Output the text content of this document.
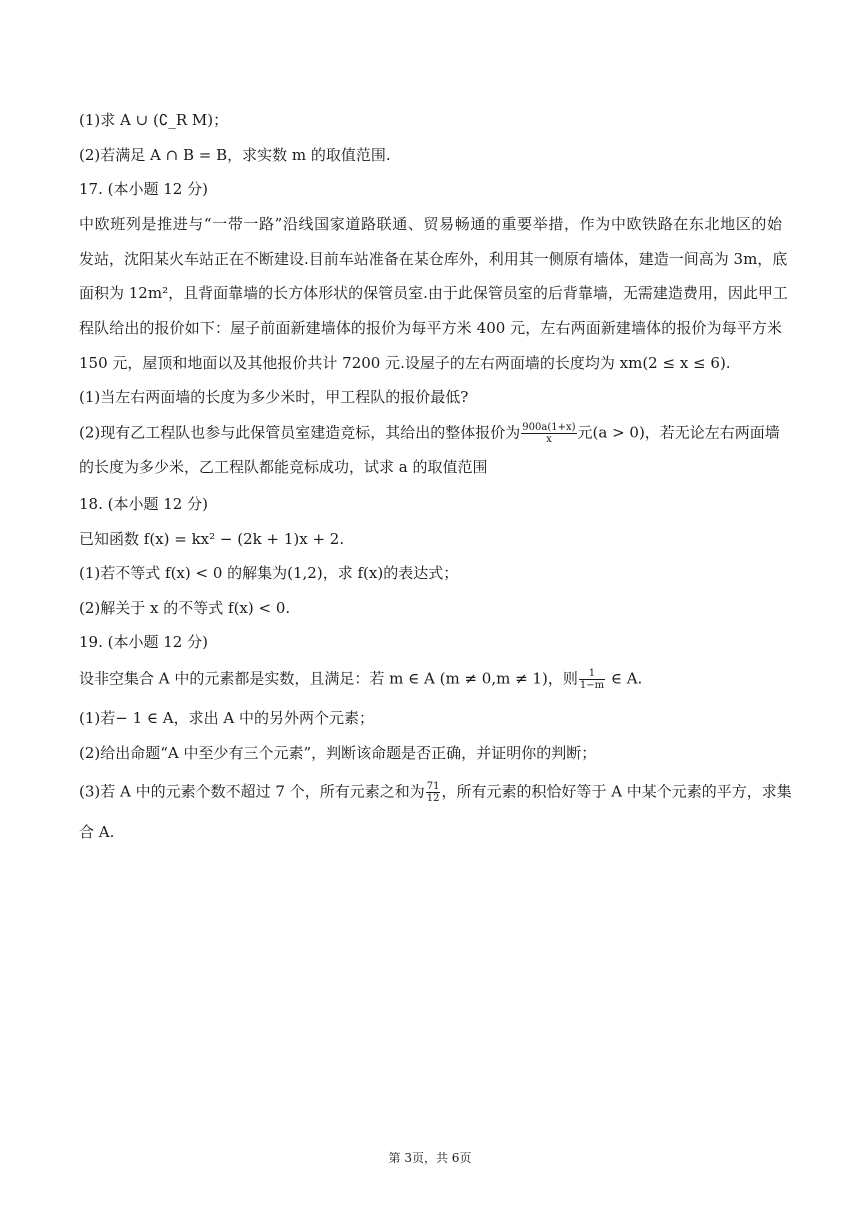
(1)求 A ∪ (∁_R M)；
(2)若满足 A ∩ B = B，求实数 m 的取值范围.
17. (本小题 12 分)
中欧班列是推进与“一带一路”沿线国家道路联通、贸易畅通的重要举措，作为中欧铁路在东北地区的始
发站，沈阳某火车站正在不断建设.目前车站准备在某仓库外，利用其一侧原有墙体，建造一间高为 3m，底
面积为 12m²，且背面靠墙的长方体形状的保管员室.由于此保管员室的后背靠墙，无需建造费用，因此甲工
程队给出的报价如下：屋子前面新建墙体的报价为每平方米 400 元，左右两面新建墙体的报价为每平方米
150 元，屋顶和地面以及其他报价共计 7200 元.设屋子的左右两面墙的长度均为 xm(2 ≤ x ≤ 6).
(1)当左右两面墙的长度为多少米时，甲工程队的报价最低?
(2)现有乙工程队也参与此保管员室建造竞标，其给出的整体报价为 $\frac{900a(1+x)}{x}$ 元(a > 0)，若无论左右两面墙
的长度为多少米，乙工程队都能竞标成功，试求 a 的取值范围
18. (本小题 12 分)
已知函数 f(x) = kx² − (2k + 1)x + 2.
(1)若不等式 f(x) < 0 的解集为(1,2)，求 f(x)的表达式；
(2)解关于 x 的不等式 f(x) < 0.
19. (本小题 12 分)
设非空集合 A 中的元素都是实数，且满足：若 m ∈ A (m ≠ 0,m ≠ 1)，则 $\frac{1}{1-m}$ ∈ A.
(1)若− 1 ∈ A，求出 A 中的另外两个元素；
(2)给出命题“A 中至少有三个元素”，判断该命题是否正确，并证明你的判断；
(3)若 A 中的元素个数不超过 7 个，所有元素之和为 $\frac{71}{12}$ ，所有元素的积恰好等于 A 中某个元素的平方，求集
合 A.
第 3页，共 6页
